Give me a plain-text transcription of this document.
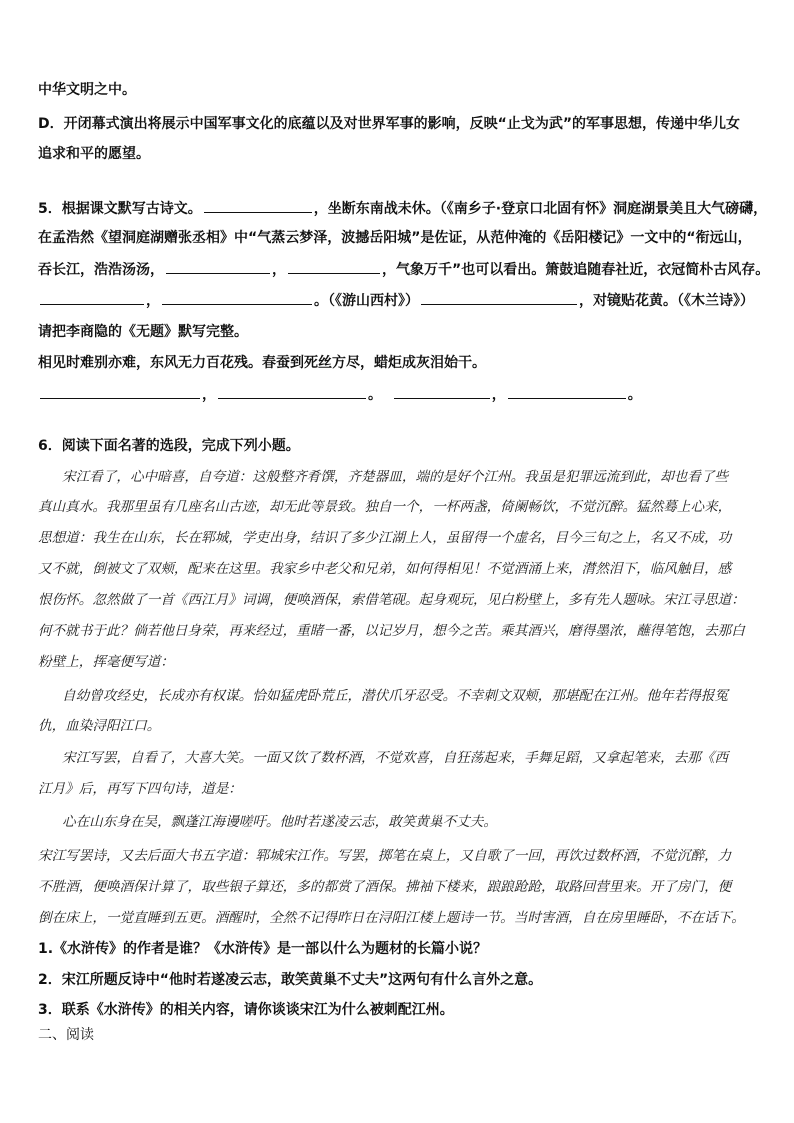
中华文明之中。
D．开闭幕式演出将展示中国军事文化的底蕴以及对世界军事的影响，反映“止戈为武”的军事思想，传递中华儿女
追求和平的愿望。
5．根据课文默写古诗文。	，坐断东南战未休。（《南乡子·登京口北固有怀》洞庭湖景美且大气磅礴，
在孟浩然《望洞庭湖赠张丞相》中“气蒸云梦泽，波撼岳阳城”是佐证，从范仲淹的《岳阳楼记》一文中的“衔远山，
吞长江，浩浩汤汤，	，	，气象万千”也可以看出。箫鼓追随春社近，衣冠简朴古风存。
，	。（《游山西村》）	，对镜贴花黄。（《木兰诗》）
请把李商隐的《无题》默写完整。
相见时难别亦难，东风无力百花残。春蚕到死丝方尽，蜡炬成灰泪始干。
，	。	，	。
6．阅读下面名著的选段，完成下列小题。
宋江看了，心中暗喜，自夸道：这般整齐肴馔，齐楚器皿，端的是好个江州。我虽是犯罪远流到此，却也看了些
真山真水。我那里虽有几座名山古迹，却无此等景致。独自一个，一杯两盏，倚阑畅饮，不觉沉醉。猛然蓦上心来，
思想道：我生在山东，长在郓城，学吏出身，结识了多少江湖上人，虽留得一个虚名，目今三旬之上，名又不成，功
又不就，倒被文了双颊，配来在这里。我家乡中老父和兄弟，如何得相见！不觉酒涌上来，潸然泪下，临风触目，感
恨伤怀。忽然做了一首《西江月》词调，便唤酒保，索借笔砚。起身观玩，见白粉壁上，多有先人题咏。宋江寻思道：
何不就书于此？倘若他日身荣，再来经过，重睹一番，以记岁月，想今之苦。乘其酒兴，磨得墨浓，蘸得笔饱，去那白
粉壁上，挥毫便写道：
自幼曾攻经史，长成亦有权谋。恰如猛虎卧荒丘，潜伏爪牙忍受。不幸刺文双颊，那堪配在江州。他年若得报冤
仇，血染浔阳江口。
宋江写罢，自看了，大喜大笑。一面又饮了数杯酒，不觉欢喜，自狂荡起来，手舞足蹈，又拿起笔来，去那《西
江月》后，再写下四句诗，道是：
心在山东身在吴，飘蓬江海谩嗟吁。他时若遂凌云志，敢笑黄巢不丈夫。
宋江写罢诗，又去后面大书五字道：郓城宋江作。写罢，掷笔在桌上，又自歌了一回，再饮过数杯酒，不觉沉醉，力
不胜酒，便唤酒保计算了，取些银子算还，多的都赏了酒保。拂袖下楼来，踉踉跄跄，取路回营里来。开了房门，便
倒在床上，一觉直睡到五更。酒醒时，全然不记得昨日在浔阳江楼上题诗一节。当时害酒，自在房里睡卧，不在话下。
1.《水浒传》的作者是谁？《水浒传》是一部以什么为题材的长篇小说？
2．宋江所题反诗中“他时若遂凌云志，敢笑黄巢不丈夫”这两句有什么言外之意。
3．联系《水浒传》的相关内容，请你谈谈宋江为什么被刺配江州。
二、阅读
